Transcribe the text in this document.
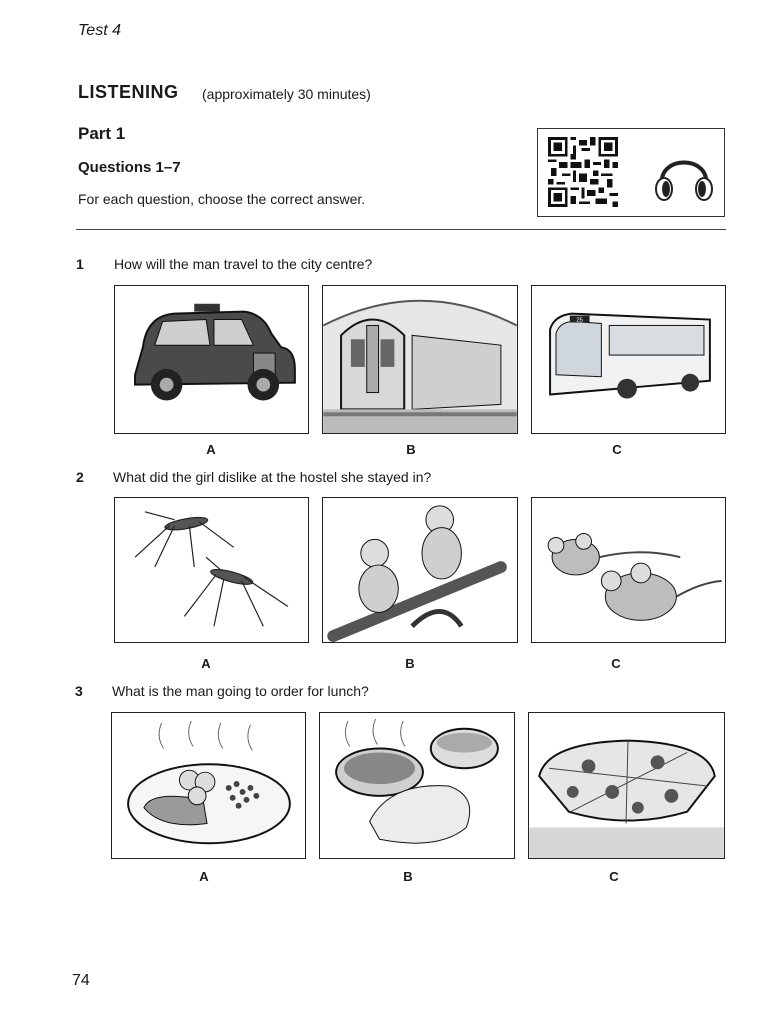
Test 4
LISTENING (approximately 30 minutes)
Part 1
Questions 1–7
For each question, choose the correct answer.
1 How will the man travel to the city centre?
25
A	B	C
2 What did the girl dislike at the hostel she stayed in?
A	B	C
3 What is the man going to order for lunch?
A	B	C
74
